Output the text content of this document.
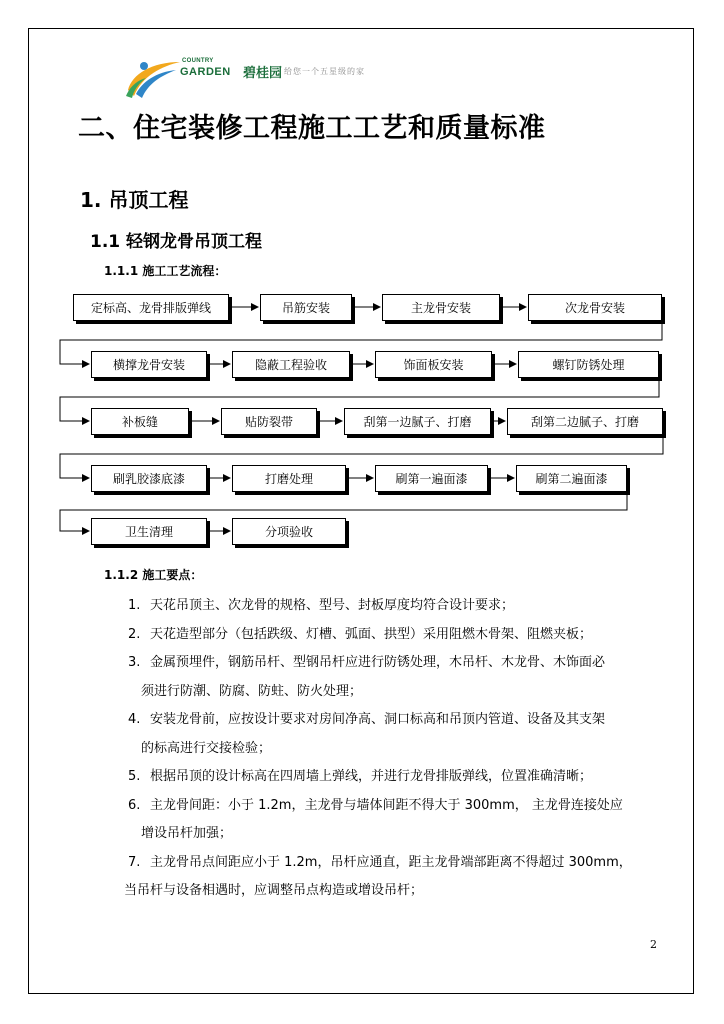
COUNTRY
GARDEN 碧桂园 给您一个五星级的家
二、住宅装修工程施工工艺和质量标准
1. 吊顶工程
1.1 轻钢龙骨吊顶工程
1.1.1 施工工艺流程：
定标高、龙骨排版弹线	吊筋安装	主龙骨安装	次龙骨安装
横撑龙骨安装	隐蔽工程验收	饰面板安装	螺钉防锈处理
补板缝	贴防裂带	刮第一边腻子、打磨	刮第二边腻子、打磨
刷乳胶漆底漆	打磨处理	刷第一遍面漆	刷第二遍面漆
卫生清理	分项验收
1.1.2 施工要点：
1. 天花吊顶主、次龙骨的规格、型号、封板厚度均符合设计要求；
2. 天花造型部分（包括跌级、灯槽、弧面、拱型）采用阻燃木骨架、阻燃夹板；
3. 金属预埋件，钢筋吊杆、型钢吊杆应进行防锈处理，木吊杆、木龙骨、木饰面必
须进行防潮、防腐、防蛀、防火处理；
4. 安装龙骨前，应按设计要求对房间净高、洞口标高和吊顶内管道、设备及其支架
的标高进行交接检验；
5. 根据吊顶的设计标高在四周墙上弹线，并进行龙骨排版弹线，位置准确清晰；
6. 主龙骨间距：小于 1.2m，主龙骨与墙体间距不得大于 300mm， 主龙骨连接处应
增设吊杆加强；
7. 主龙骨吊点间距应小于 1.2m，吊杆应通直，距主龙骨端部距离不得超过 300mm，
当吊杆与设备相遇时，应调整吊点构造或增设吊杆；
2
